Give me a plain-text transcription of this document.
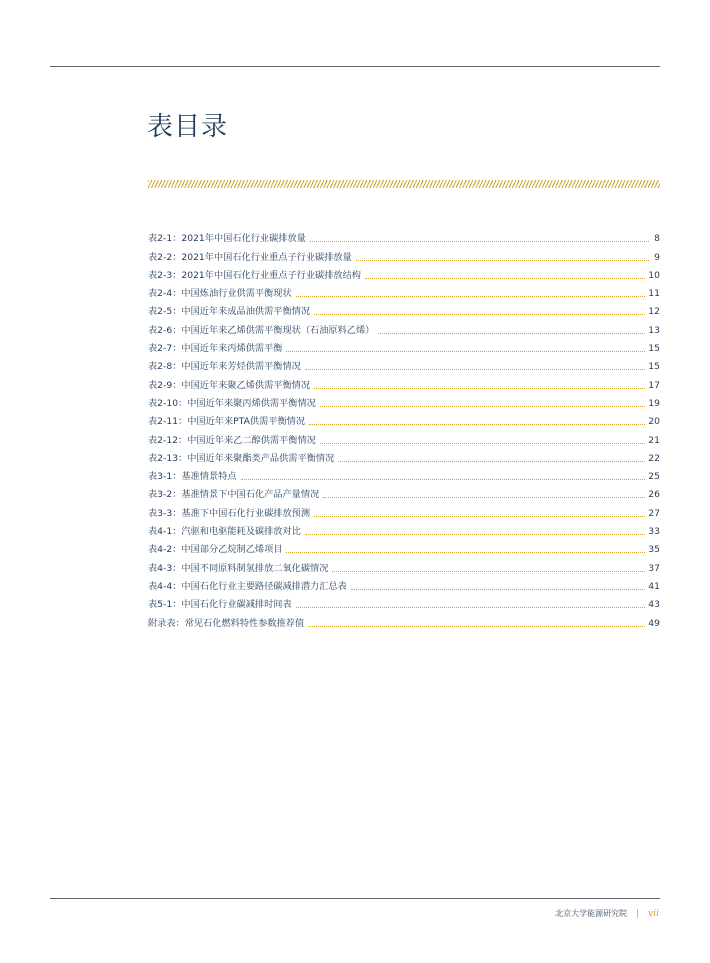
表目录
表2-1：2021年中国石化行业碳排放量	8
表2-2：2021年中国石化行业重点子行业碳排放量	9
表2-3：2021年中国石化行业重点子行业碳排放结构	10
表2-4：中国炼油行业供需平衡现状	11
表2-5：中国近年来成品油供需平衡情况	12
表2-6：中国近年来乙烯供需平衡现状（石油原料乙烯）	13
表2-7：中国近年来丙烯供需平衡	15
表2-8：中国近年来芳烃供需平衡情况	15
表2-9：中国近年来聚乙烯供需平衡情况	17
表2-10：中国近年来聚丙烯供需平衡情况	19
表2-11：中国近年来PTA供需平衡情况	20
表2-12：中国近年来乙二醇供需平衡情况	21
表2-13：中国近年来聚酯类产品供需平衡情况	22
表3-1：基准情景特点	25
表3-2：基准情景下中国石化产品产量情况	26
表3-3：基准下中国石化行业碳排放预测	27
表4-1：汽驱和电驱能耗及碳排放对比	33
表4-2：中国部分乙烷制乙烯项目	35
表4-3：中国不同原料制氢排放二氧化碳情况	37
表4-4：中国石化行业主要路径碳减排潜力汇总表	41
表5-1：中国石化行业碳减排时间表	43
附录表：常见石化燃料特性参数推荐值	49
北京大学能源研究院 | vii
